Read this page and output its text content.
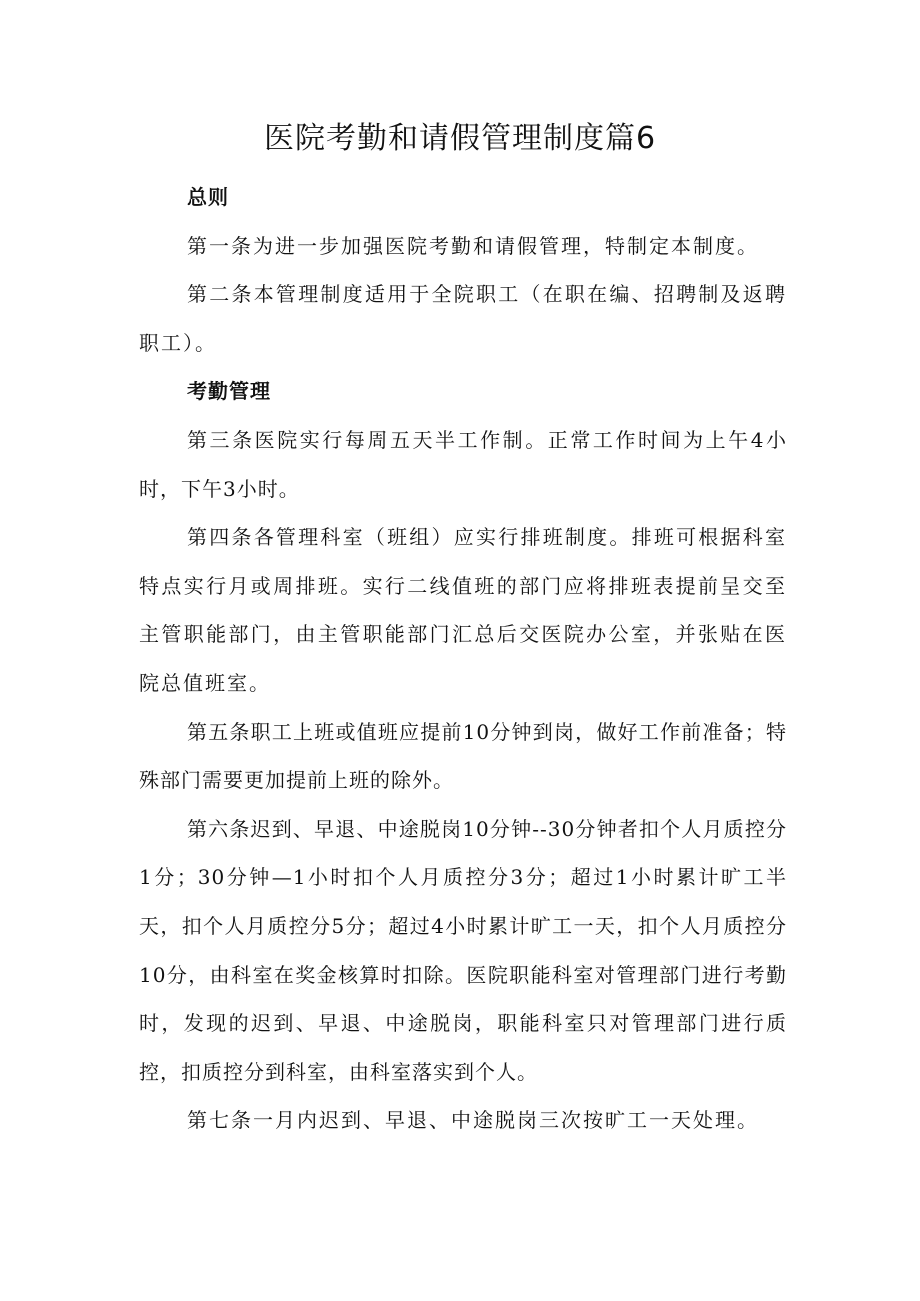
医院考勤和请假管理制度篇6

总则

第一条为进一步加强医院考勤和请假管理，特制定本制度。

第二条本管理制度适用于全院职工（在职在编、招聘制及返聘职工）。

考勤管理

第三条医院实行每周五天半工作制。正常工作时间为上午4小时，下午3小时。

第四条各管理科室（班组）应实行排班制度。排班可根据科室特点实行月或周排班。实行二线值班的部门应将排班表提前呈交至主管职能部门，由主管职能部门汇总后交医院办公室，并张贴在医院总值班室。

第五条职工上班或值班应提前10分钟到岗，做好工作前准备；特殊部门需要更加提前上班的除外。

第六条迟到、早退、中途脱岗10分钟--30分钟者扣个人月质控分1分；30分钟—1小时扣个人月质控分3分；超过1小时累计旷工半天，扣个人月质控分5分；超过4小时累计旷工一天，扣个人月质控分10分，由科室在奖金核算时扣除。医院职能科室对管理部门进行考勤时，发现的迟到、早退、中途脱岗，职能科室只对管理部门进行质控，扣质控分到科室，由科室落实到个人。

第七条一月内迟到、早退、中途脱岗三次按旷工一天处理。
